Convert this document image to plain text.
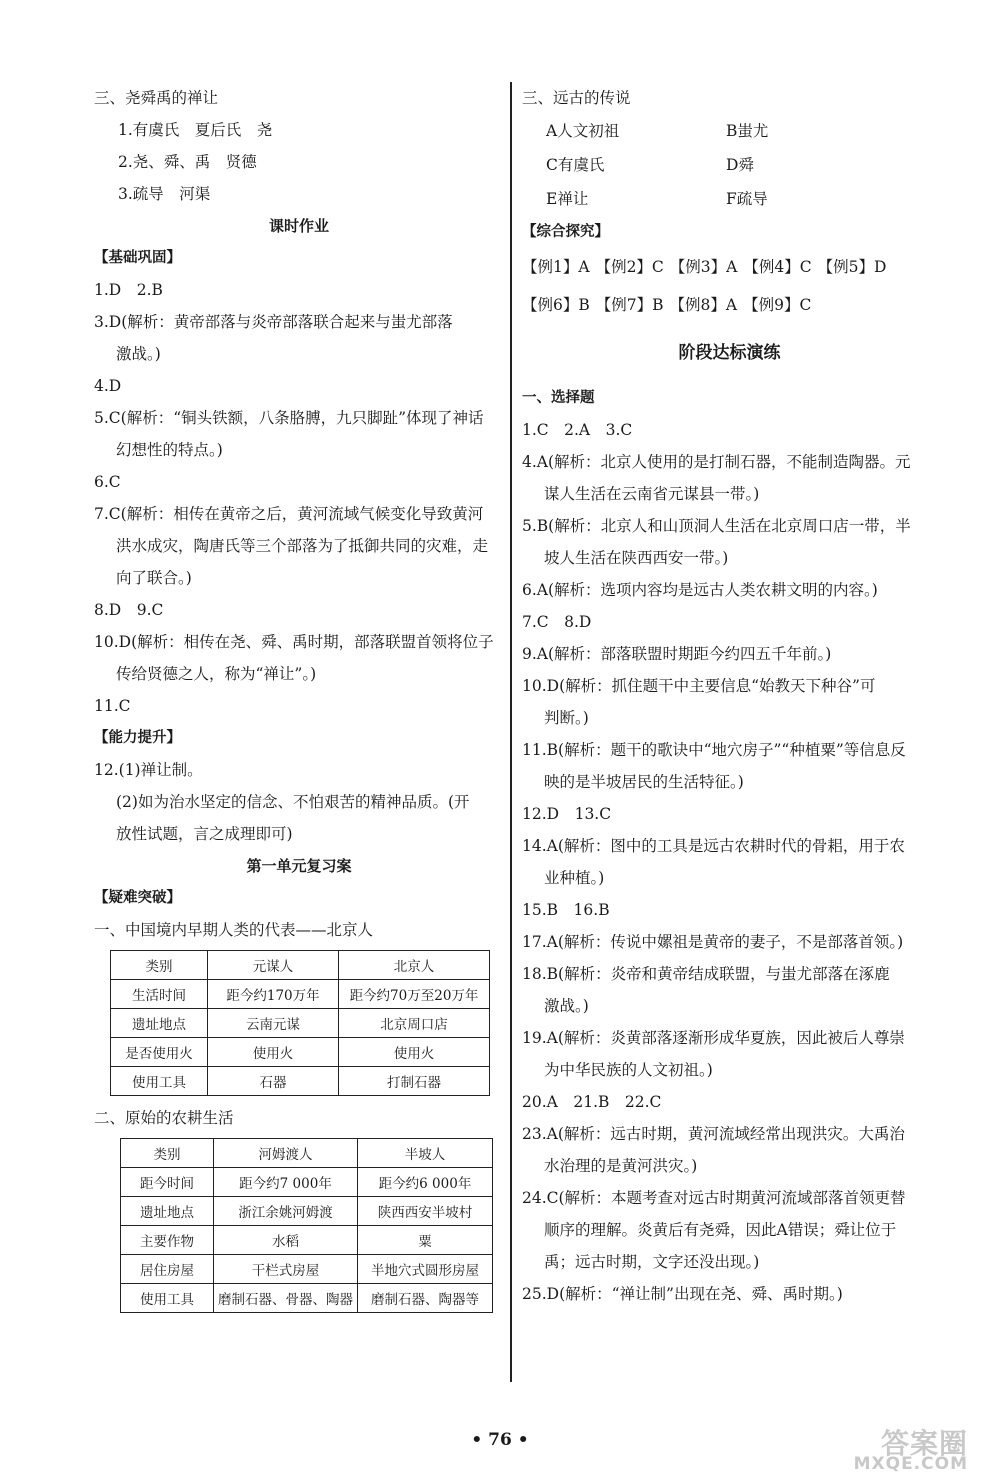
三、尧舜禹的禅让
1.有虞氏　夏后氏　尧
2.尧、舜、禹　贤德
3.疏导　河渠
课时作业
【基础巩固】
1.D　2.B
3.D(解析：黄帝部落与炎帝部落联合起来与蚩尤部落
激战。)
4.D
5.C(解析：“铜头铁额，八条胳膊，九只脚趾”体现了神话
幻想性的特点。)
6.C
7.C(解析：相传在黄帝之后，黄河流域气候变化导致黄河
洪水成灾，陶唐氏等三个部落为了抵御共同的灾难，走
向了联合。)
8.D　9.C
10.D(解析：相传在尧、舜、禹时期，部落联盟首领将位子
传给贤德之人，称为“禅让”。)
11.C
【能力提升】
12.(1)禅让制。
(2)如为治水坚定的信念、不怕艰苦的精神品质。(开
放性试题，言之成理即可)
第一单元复习案
【疑难突破】
一、中国境内早期人类的代表——北京人
类别	元谋人	北京人
生活时间	距今约170万年	距今约70万至20万年
遗址地点	云南元谋	北京周口店
是否使用火	使用火	使用火
使用工具	石器	打制石器
二、原始的农耕生活
类别	河姆渡人	半坡人
距今时间	距今约7 000年	距今约6 000年
遗址地点	浙江余姚河姆渡	陕西西安半坡村
主要作物	水稻	粟
居住房屋	干栏式房屋	半地穴式圆形房屋
使用工具	磨制石器、骨器、陶器	磨制石器、陶器等
三、远古的传说
A人文初祖	B蚩尤
C有虞氏	D舜
E禅让	F疏导
【综合探究】
【例1】A 【例2】C 【例3】A 【例4】C 【例5】D
【例6】B 【例7】B 【例8】A 【例9】C
阶段达标演练
一、选择题
1.C　2.A　3.C
4.A(解析：北京人使用的是打制石器，不能制造陶器。元
谋人生活在云南省元谋县一带。)
5.B(解析：北京人和山顶洞人生活在北京周口店一带，半
坡人生活在陕西西安一带。)
6.A(解析：选项内容均是远古人类农耕文明的内容。)
7.C　8.D
9.A(解析：部落联盟时期距今约四五千年前。)
10.D(解析：抓住题干中主要信息“始教天下种谷”可
判断。)
11.B(解析：题干的歌诀中“地穴房子”“种植粟”等信息反
映的是半坡居民的生活特征。)
12.D　13.C
14.A(解析：图中的工具是远古农耕时代的骨耜，用于农
业种植。)
15.B　16.B
17.A(解析：传说中嫘祖是黄帝的妻子，不是部落首领。)
18.B(解析：炎帝和黄帝结成联盟，与蚩尤部落在涿鹿
激战。)
19.A(解析：炎黄部落逐渐形成华夏族，因此被后人尊崇
为中华民族的人文初祖。)
20.A　21.B　22.C
23.A(解析：远古时期，黄河流域经常出现洪灾。大禹治
水治理的是黄河洪灾。)
24.C(解析：本题考查对远古时期黄河流域部落首领更替
顺序的理解。炎黄后有尧舜，因此A错误；舜让位于
禹；远古时期，文字还没出现。)
25.D(解析：“禅让制”出现在尧、舜、禹时期。)
• 76 •	答案圈
MXQE.COM
